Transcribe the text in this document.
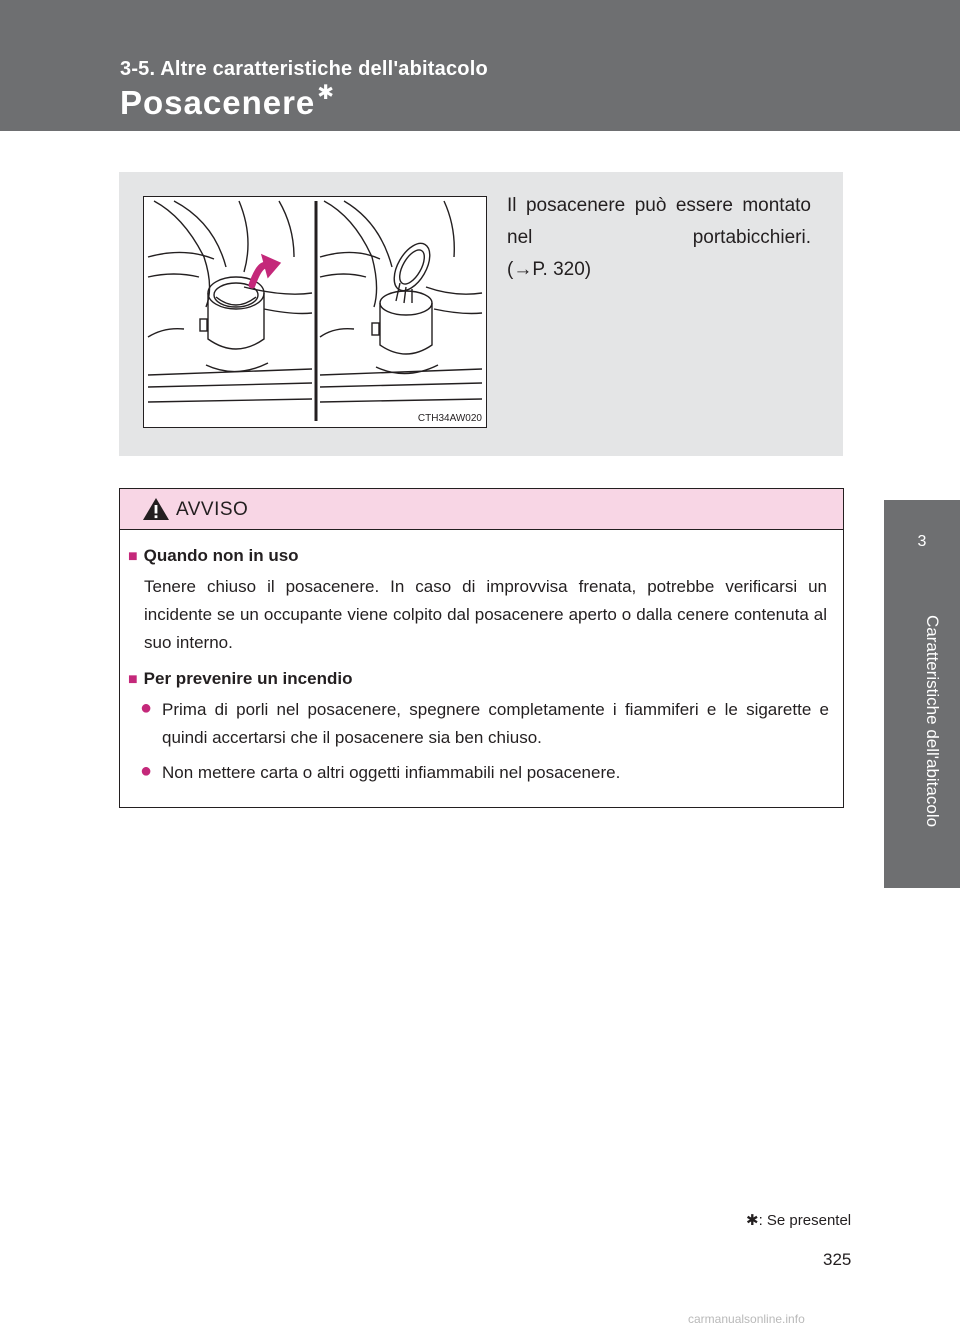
3-5. Altre caratteristiche dell'abitacolo
Posacenere ✱
3
Caratteristiche dell'abitacolo
CTH34AW020
Il posacenere può essere montato nel portabicchieri.
(→P. 320)
AVVISO
■ Quando non in uso
Tenere chiuso il posacenere. In caso di improvvisa frenata, potrebbe verificarsi un incidente se un occupante viene colpito dal posacenere aperto o dalla cenere contenuta al suo interno.
■ Per prevenire un incendio
● Prima di porli nel posacenere, spegnere completamente i fiammiferi e le sigarette e quindi accertarsi che il posacenere sia ben chiuso.
● Non mettere carta o altri oggetti infiammabili nel posacenere.
✱: Se presentel
325
carmanualsonline.info
